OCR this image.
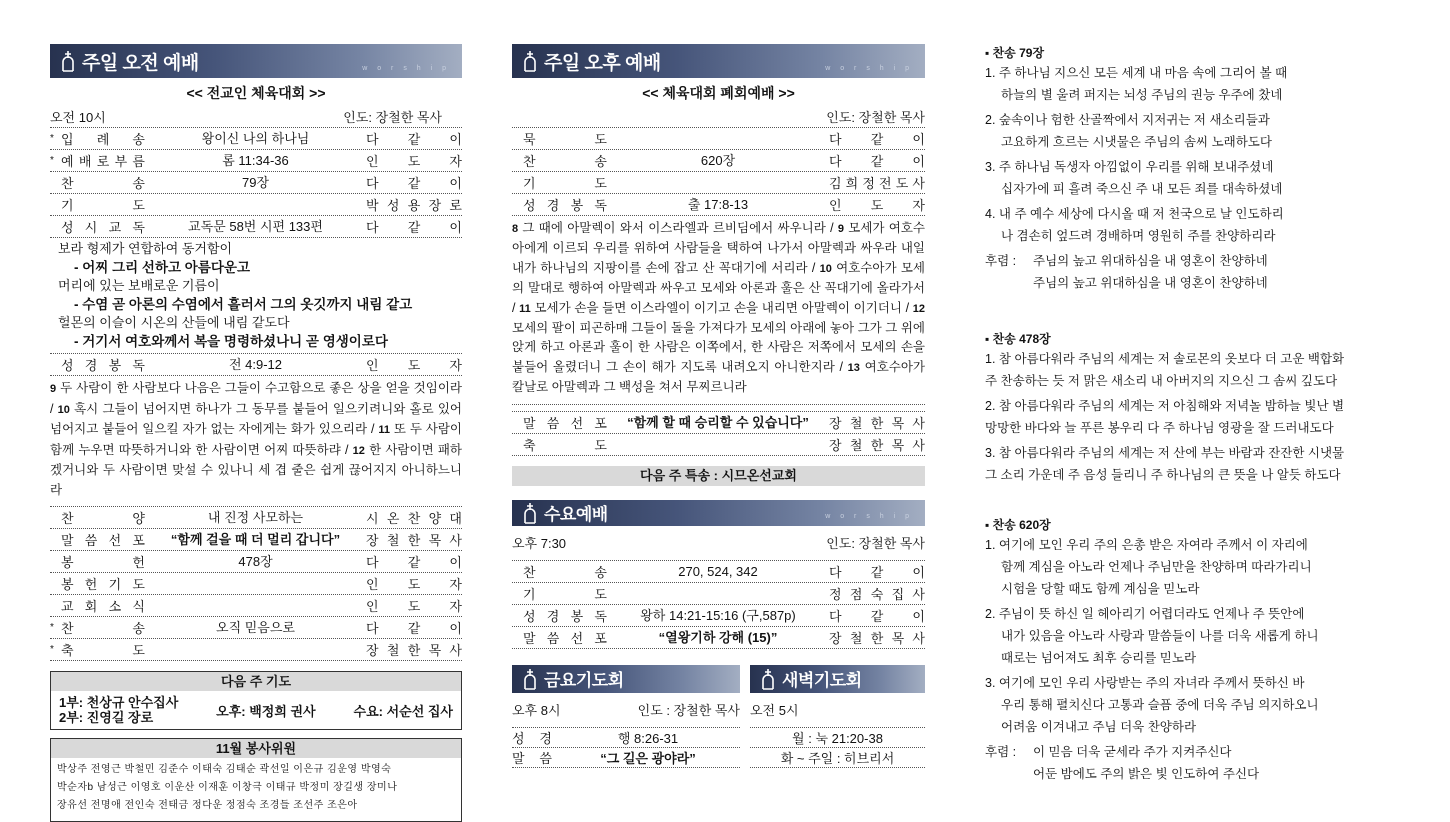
주일 오전 예배	w o r s h i p
<< 전교인 체육대회 >>
오전 10시	인도: 장철한 목사
* 입 례 송	왕이신 나의 하나님	다 같 이
* 예 배 로 부 름	롬 11:34-36	인 도 자
찬 송	79장	다 같 이
기 도	박 성 용 장 로
성 시 교 독	교독문 58번 시편 133편	다 같 이
보라 형제가 연합하여 동거함이
- 어찌 그리 선하고 아름다운고
머리에 있는 보배로운 기름이
- 수염 곧 아론의 수염에서 흘러서 그의 옷깃까지 내림 같고
헐몬의 이슬이 시온의 산들에 내림 같도다
- 거기서 여호와께서 복을 명령하셨나니 곧 영생이로다
성 경 봉 독	전 4:9-12	인 도 자
9 두 사람이 한 사람보다 나음은 그들이 수고함으로 좋은 상을 얻을 것임이라 / 10 혹시 그들이 넘어지면 하나가 그 동무를 붙들어 일으키려니와 홀로 있어 넘어지고 붙들어 일으킬 자가 없는 자에게는 화가 있으리라 / 11 또 두 사람이 함께 누우면 따뜻하거니와 한 사람이면 어찌 따뜻하랴 / 12 한 사람이면 패하겠거니와 두 사람이면 맞설 수 있나니 세 겹 줄은 쉽게 끊어지지 아니하느니라
찬 양	내 진정 사모하는	시 온 찬 양 대
말 씀 선 포	“함께 걸을 때 더 멀리 갑니다”	장 철 한 목 사
봉 헌	478장	다 같 이
봉 헌 기 도	인 도 자
교 회 소 식	인 도 자
* 찬 송	오직 믿음으로	다 같 이
* 축 도	장 철 한 목 사
다음 주 기도
1부: 천상규 안수집사
2부: 진영길 장로	오후: 백정희 권사	수요: 서순선 집사
11월 봉사위원
박상주 전영근 박철민 김준수 이태숙 김태순 곽선일 이은규 김운영 박영숙
박순자b 남성근 이영호 이운산 이재훈 이창극 이태규 박정미 장길생 장미나
장유선 전명애 전인숙 전태금 정다운 정점숙 조경들 조선주 조은아
주일 오후 예배	w o r s h i p
<< 체육대회 폐회예배 >>
인도: 장철한 목사
묵 도	다 같 이
찬 송	620장	다 같 이
기 도	김 희 정 전 도 사
성 경 봉 독	출 17:8-13	인 도 자
8 그 때에 아말렉이 와서 이스라엘과 르비딤에서 싸우니라 / 9 모세가 여호수아에게 이르되 우리를 위하여 사람들을 택하여 나가서 아말렉과 싸우라 내일 내가 하나님의 지팡이를 손에 잡고 산 꼭대기에 서리라 / 10 여호수아가 모세의 말대로 행하여 아말렉과 싸우고 모세와 아론과 훌은 산 꼭대기에 올라가서 / 11 모세가 손을 들면 이스라엘이 이기고 손을 내리면 아말렉이 이기더니 / 12 모세의 팔이 피곤하매 그들이 돌을 가져다가 모세의 아래에 놓아 그가 그 위에 앉게 하고 아론과 훌이 한 사람은 이쪽에서, 한 사람은 저쪽에서 모세의 손을 붙들어 올렸더니 그 손이 해가 지도록 내려오지 아니한지라 / 13 여호수아가 칼날로 아말렉과 그 백성을 쳐서 무찌르니라
말 씀 선 포	“함께 할 때 승리할 수 있습니다”	장 철 한 목 사
축 도	장 철 한 목 사
다음 주 특송 : 시므온선교회
수요예배	w o r s h i p
오후 7:30	인도: 장철한 목사
찬 송	270, 524, 342	다 같 이
기 도	정 점 숙 집 사
성 경 봉 독	왕하 14:21-15:16 (구,587p)	다 같 이
말 씀 선 포	“열왕기하 강해 (15)”	장 철 한 목 사
금요기도회
오후 8시	인도 : 장철한 목사
성 경	행 8:26-31
말 씀	“그 길은 광야라”
새벽기도회
오전 5시
월 : 눅 21:20-38
화 ~ 주일 : 히브리서
▪ 찬송 79장
1. 주 하나님 지으신 모든 세계 내 마음 속에 그리어 볼 때
하늘의 별 울려 퍼지는 뇌성 주님의 권능 우주에 찼네
2. 숲속이나 험한 산골짝에서 지저귀는 저 새소리들과
고요하게 흐르는 시냇물은 주님의 솜씨 노래하도다
3. 주 하나님 독생자 아낌없이 우리를 위해 보내주셨네
십자가에 피 흘려 죽으신 주 내 모든 죄를 대속하셨네
4. 내 주 예수 세상에 다시올 때 저 천국으로 날 인도하리
나 겸손히 엎드려 경배하며 영원히 주를 찬양하리라
후렴 :	주님의 높고 위대하심을 내 영혼이 찬양하네
주님의 높고 위대하심을 내 영혼이 찬양하네
▪ 찬송 478장
1. 참 아름다워라 주님의 세계는 저 솔로몬의 옷보다 더 고운 백합화
주 찬송하는 듯 저 맑은 새소리 내 아버지의 지으신 그 솜씨 깊도다
2. 참 아름다워라 주님의 세계는 저 아침해와 저녁놀 밤하늘 빛난 별
망망한 바다와 늘 푸른 봉우리 다 주 하나님 영광을 잘 드러내도다
3. 참 아름다워라 주님의 세계는 저 산에 부는 바람과 잔잔한 시냇물
그 소리 가운데 주 음성 들리니 주 하나님의 큰 뜻을 나 알듯 하도다
▪ 찬송 620장
1. 여기에 모인 우리 주의 은총 받은 자여라 주께서 이 자리에
함께 계심을 아노라 언제나 주님만을 찬양하며 따라가리니
시험을 당할 때도 함께 계심을 믿노라
2. 주님이 뜻 하신 일 헤아리기 어렵더라도 언제나 주 뜻안에
내가 있음을 아노라 사랑과 말씀들이 나를 더욱 새롭게 하니
때로는 넘어져도 최후 승리를 믿노라
3. 여기에 모인 우리 사랑받는 주의 자녀라 주께서 뜻하신 바
우리 통해 펼치신다 고통과 슬픔 중에 더욱 주님 의지하오니
어려움 이겨내고 주님 더욱 찬양하라
후렴 :	이 믿음 더욱 굳세라 주가 지켜주신다
어둔 밤에도 주의 밝은 빛 인도하여 주신다
